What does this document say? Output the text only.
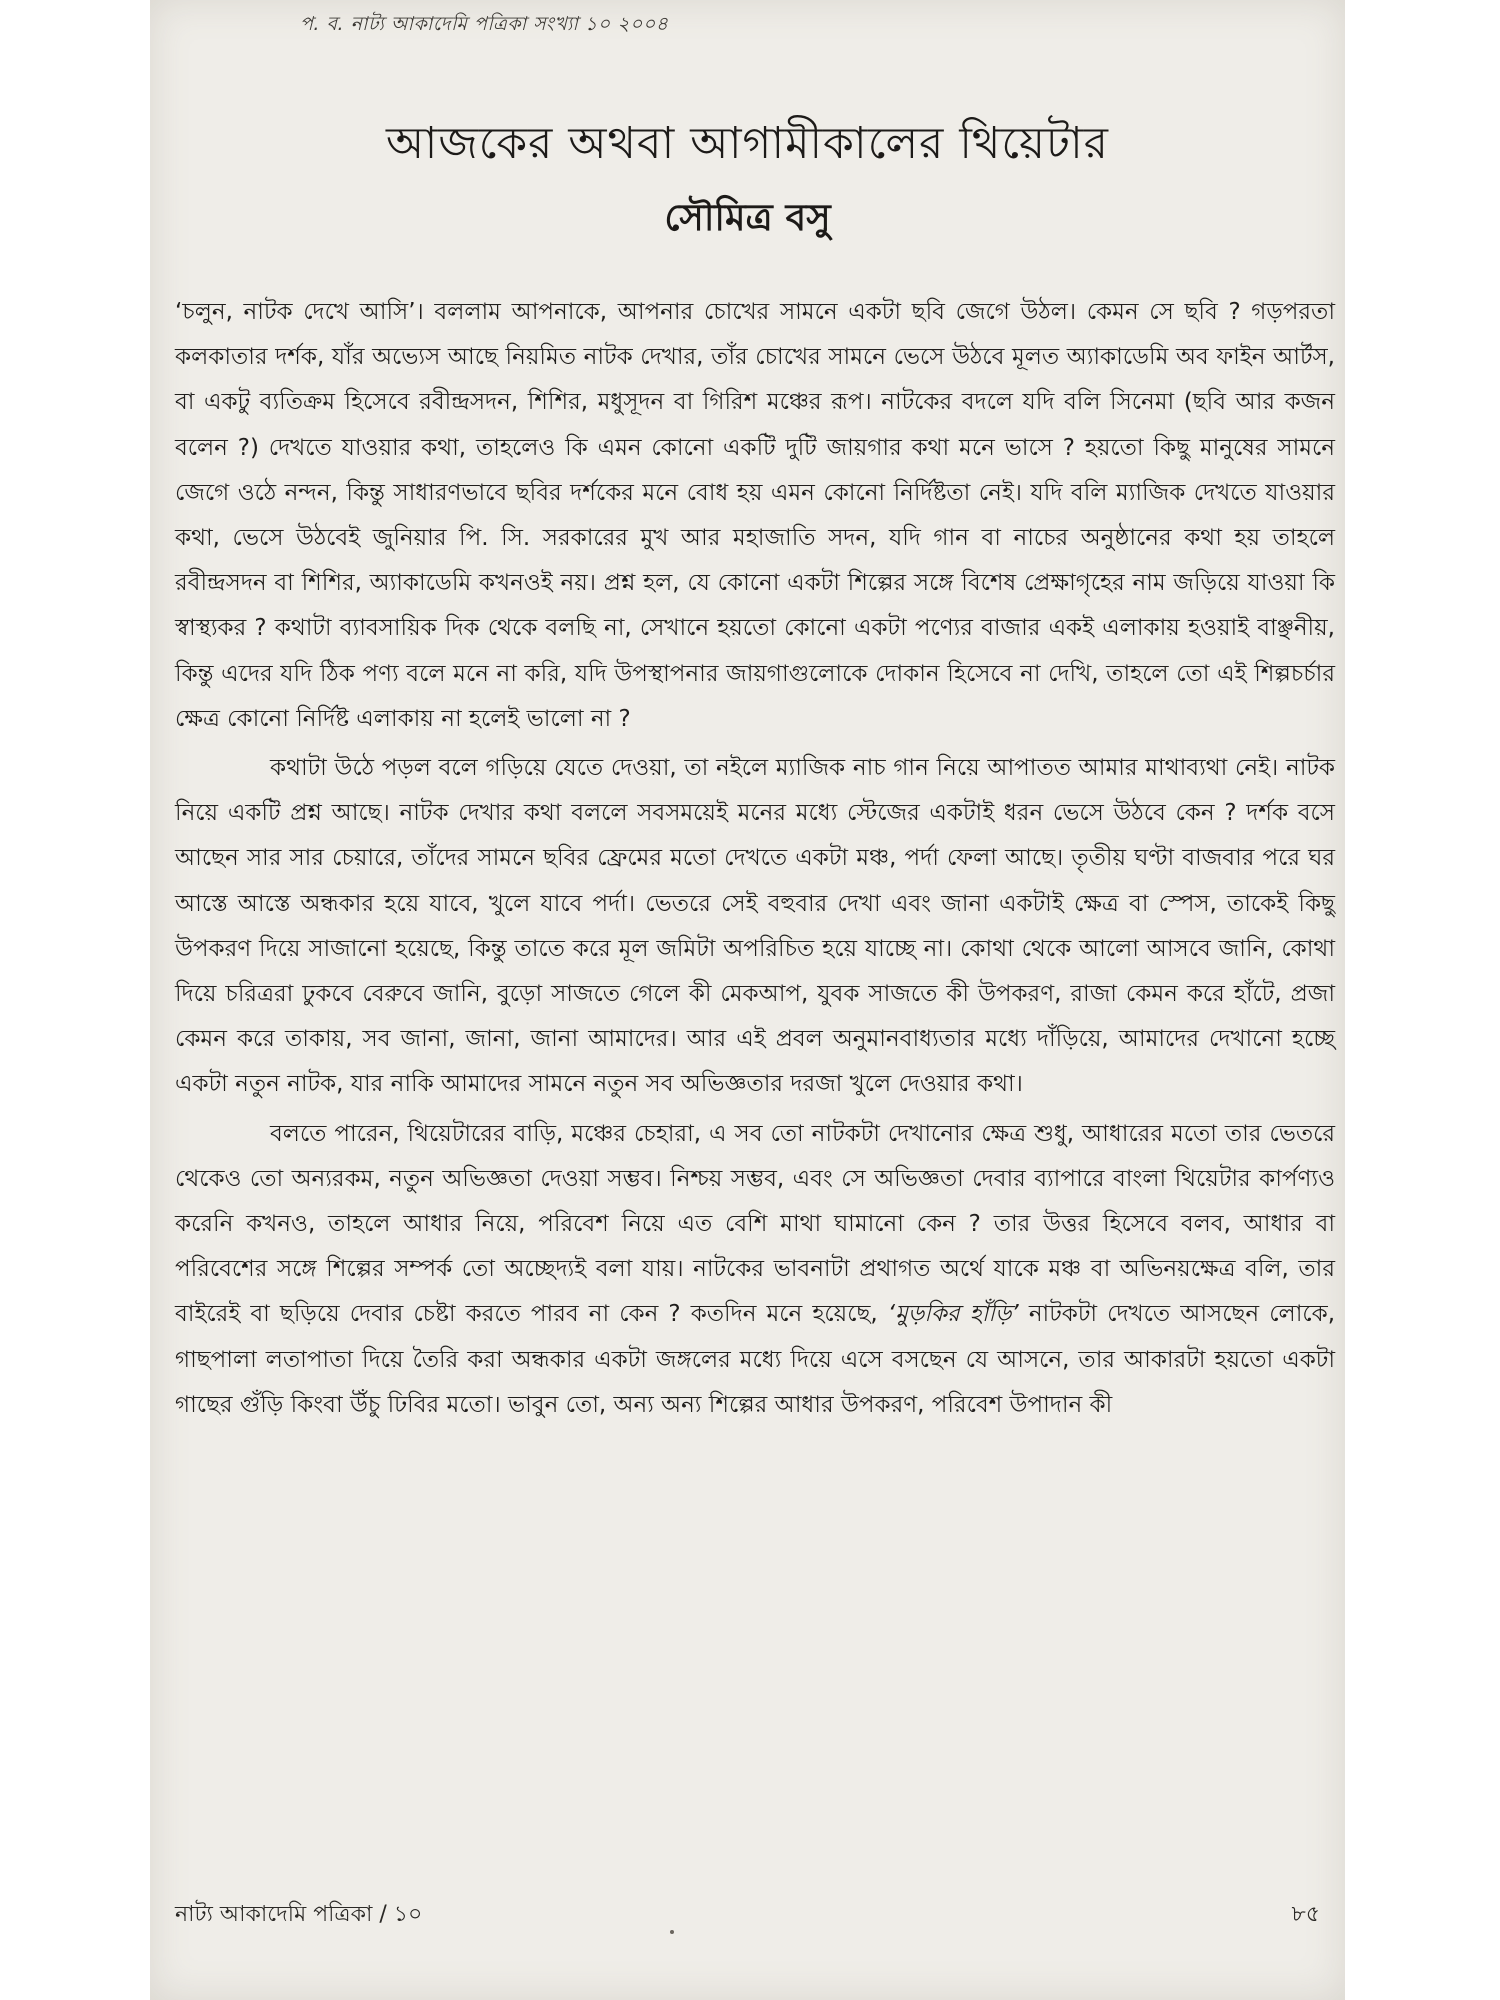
প. ব. নাট্য আকাদেমি পত্রিকা সংখ্যা ১০ ২০০৪
আজকের অথবা আগামীকালের থিয়েটার
সৌমিত্র বসু

‘চলুন, নাটক দেখে আসি’। বললাম আপনাকে, আপনার চোখের সামনে একটা ছবি জেগে উঠল। কেমন সে ছবি ? গড়পরতা কলকাতার দর্শক, যাঁর অভ্যেস আছে নিয়মিত নাটক দেখার, তাঁর চোখের সামনে ভেসে উঠবে মূলত অ্যাকাডেমি অব ফাইন আর্টস, বা একটু ব্যতিক্রম হিসেবে রবীন্দ্রসদন, শিশির, মধুসূদন বা গিরিশ মঞ্চের রূপ। নাটকের বদলে যদি বলি সিনেমা (ছবি আর কজন বলেন ?) দেখতে যাওয়ার কথা, তাহলেও কি এমন কোনো একটি দুটি জায়গার কথা মনে ভাসে ? হয়তো কিছু মানুষের সামনে জেগে ওঠে নন্দন, কিন্তু সাধারণভাবে ছবির দর্শকের মনে বোধ হয় এমন কোনো নির্দিষ্টতা নেই। যদি বলি ম্যাজিক দেখতে যাওয়ার কথা, ভেসে উঠবেই জুনিয়ার পি. সি. সরকারের মুখ আর মহাজাতি সদন, যদি গান বা নাচের অনুষ্ঠানের কথা হয় তাহলে রবীন্দ্রসদন বা শিশির, অ্যাকাডেমি কখনওই নয়। প্রশ্ন হল, যে কোনো একটা শিল্পের সঙ্গে বিশেষ প্রেক্ষাগৃহের নাম জড়িয়ে যাওয়া কি স্বাস্থ্যকর ? কথাটা ব্যাবসায়িক দিক থেকে বলছি না, সেখানে হয়তো কোনো একটা পণ্যের বাজার একই এলাকায় হওয়াই বাঞ্ছনীয়, কিন্তু এদের যদি ঠিক পণ্য বলে মনে না করি, যদি উপস্থাপনার জায়গাগুলোকে দোকান হিসেবে না দেখি, তাহলে তো এই শিল্পচর্চার ক্ষেত্র কোনো নির্দিষ্ট এলাকায় না হলেই ভালো না ?

কথাটা উঠে পড়ল বলে গড়িয়ে যেতে দেওয়া, তা নইলে ম্যাজিক নাচ গান নিয়ে আপাতত আমার মাথাব্যথা নেই। নাটক নিয়ে একটি প্রশ্ন আছে। নাটক দেখার কথা বললে সবসময়েই মনের মধ্যে স্টেজের একটাই ধরন ভেসে উঠবে কেন ? দর্শক বসে আছেন সার সার চেয়ারে, তাঁদের সামনে ছবির ফ্রেমের মতো দেখতে একটা মঞ্চ, পর্দা ফেলা আছে। তৃতীয় ঘণ্টা বাজবার পরে ঘর আস্তে আস্তে অন্ধকার হয়ে যাবে, খুলে যাবে পর্দা। ভেতরে সেই বহুবার দেখা এবং জানা একটাই ক্ষেত্র বা স্পেস, তাকেই কিছু উপকরণ দিয়ে সাজানো হয়েছে, কিন্তু তাতে করে মূল জমিটা অপরিচিত হয়ে যাচ্ছে না। কোথা থেকে আলো আসবে জানি, কোথা দিয়ে চরিত্ররা ঢুকবে বেরুবে জানি, বুড়ো সাজতে গেলে কী মেকআপ, যুবক সাজতে কী উপকরণ, রাজা কেমন করে হাঁটে, প্রজা কেমন করে তাকায়, সব জানা, জানা, জানা আমাদের। আর এই প্রবল অনুমানবাধ্যতার মধ্যে দাঁড়িয়ে, আমাদের দেখানো হচ্ছে একটা নতুন নাটক, যার নাকি আমাদের সামনে নতুন সব অভিজ্ঞতার দরজা খুলে দেওয়ার কথা।

বলতে পারেন, থিয়েটারের বাড়ি, মঞ্চের চেহারা, এ সব তো নাটকটা দেখানোর ক্ষেত্র শুধু, আধারের মতো তার ভেতরে থেকেও তো অন্যরকম, নতুন অভিজ্ঞতা দেওয়া সম্ভব। নিশ্চয় সম্ভব, এবং সে অভিজ্ঞতা দেবার ব্যাপারে বাংলা থিয়েটার কার্পণ্যও করেনি কখনও, তাহলে আধার নিয়ে, পরিবেশ নিয়ে এত বেশি মাথা ঘামানো কেন ? তার উত্তর হিসেবে বলব, আধার বা পরিবেশের সঙ্গে শিল্পের সম্পর্ক তো অচ্ছেদ্যই বলা যায়। নাটকের ভাবনাটা প্রথাগত অর্থে যাকে মঞ্চ বা অভিনয়ক্ষেত্র বলি, তার বাইরেই বা ছড়িয়ে দেবার চেষ্টা করতে পারব না কেন ? কতদিন মনে হয়েছে, ‘মুড়কির হাঁড়ি’ নাটকটা দেখতে আসছেন লোকে, গাছপালা লতাপাতা দিয়ে তৈরি করা অন্ধকার একটা জঙ্গলের মধ্যে দিয়ে এসে বসছেন যে আসনে, তার আকারটা হয়তো একটা গাছের গুঁড়ি কিংবা উঁচু ঢিবির মতো। ভাবুন তো, অন্য অন্য শিল্পের আধার উপকরণ, পরিবেশ উপাদান কী

নাট্য আকাদেমি পত্রিকা / ১০	৮৫
